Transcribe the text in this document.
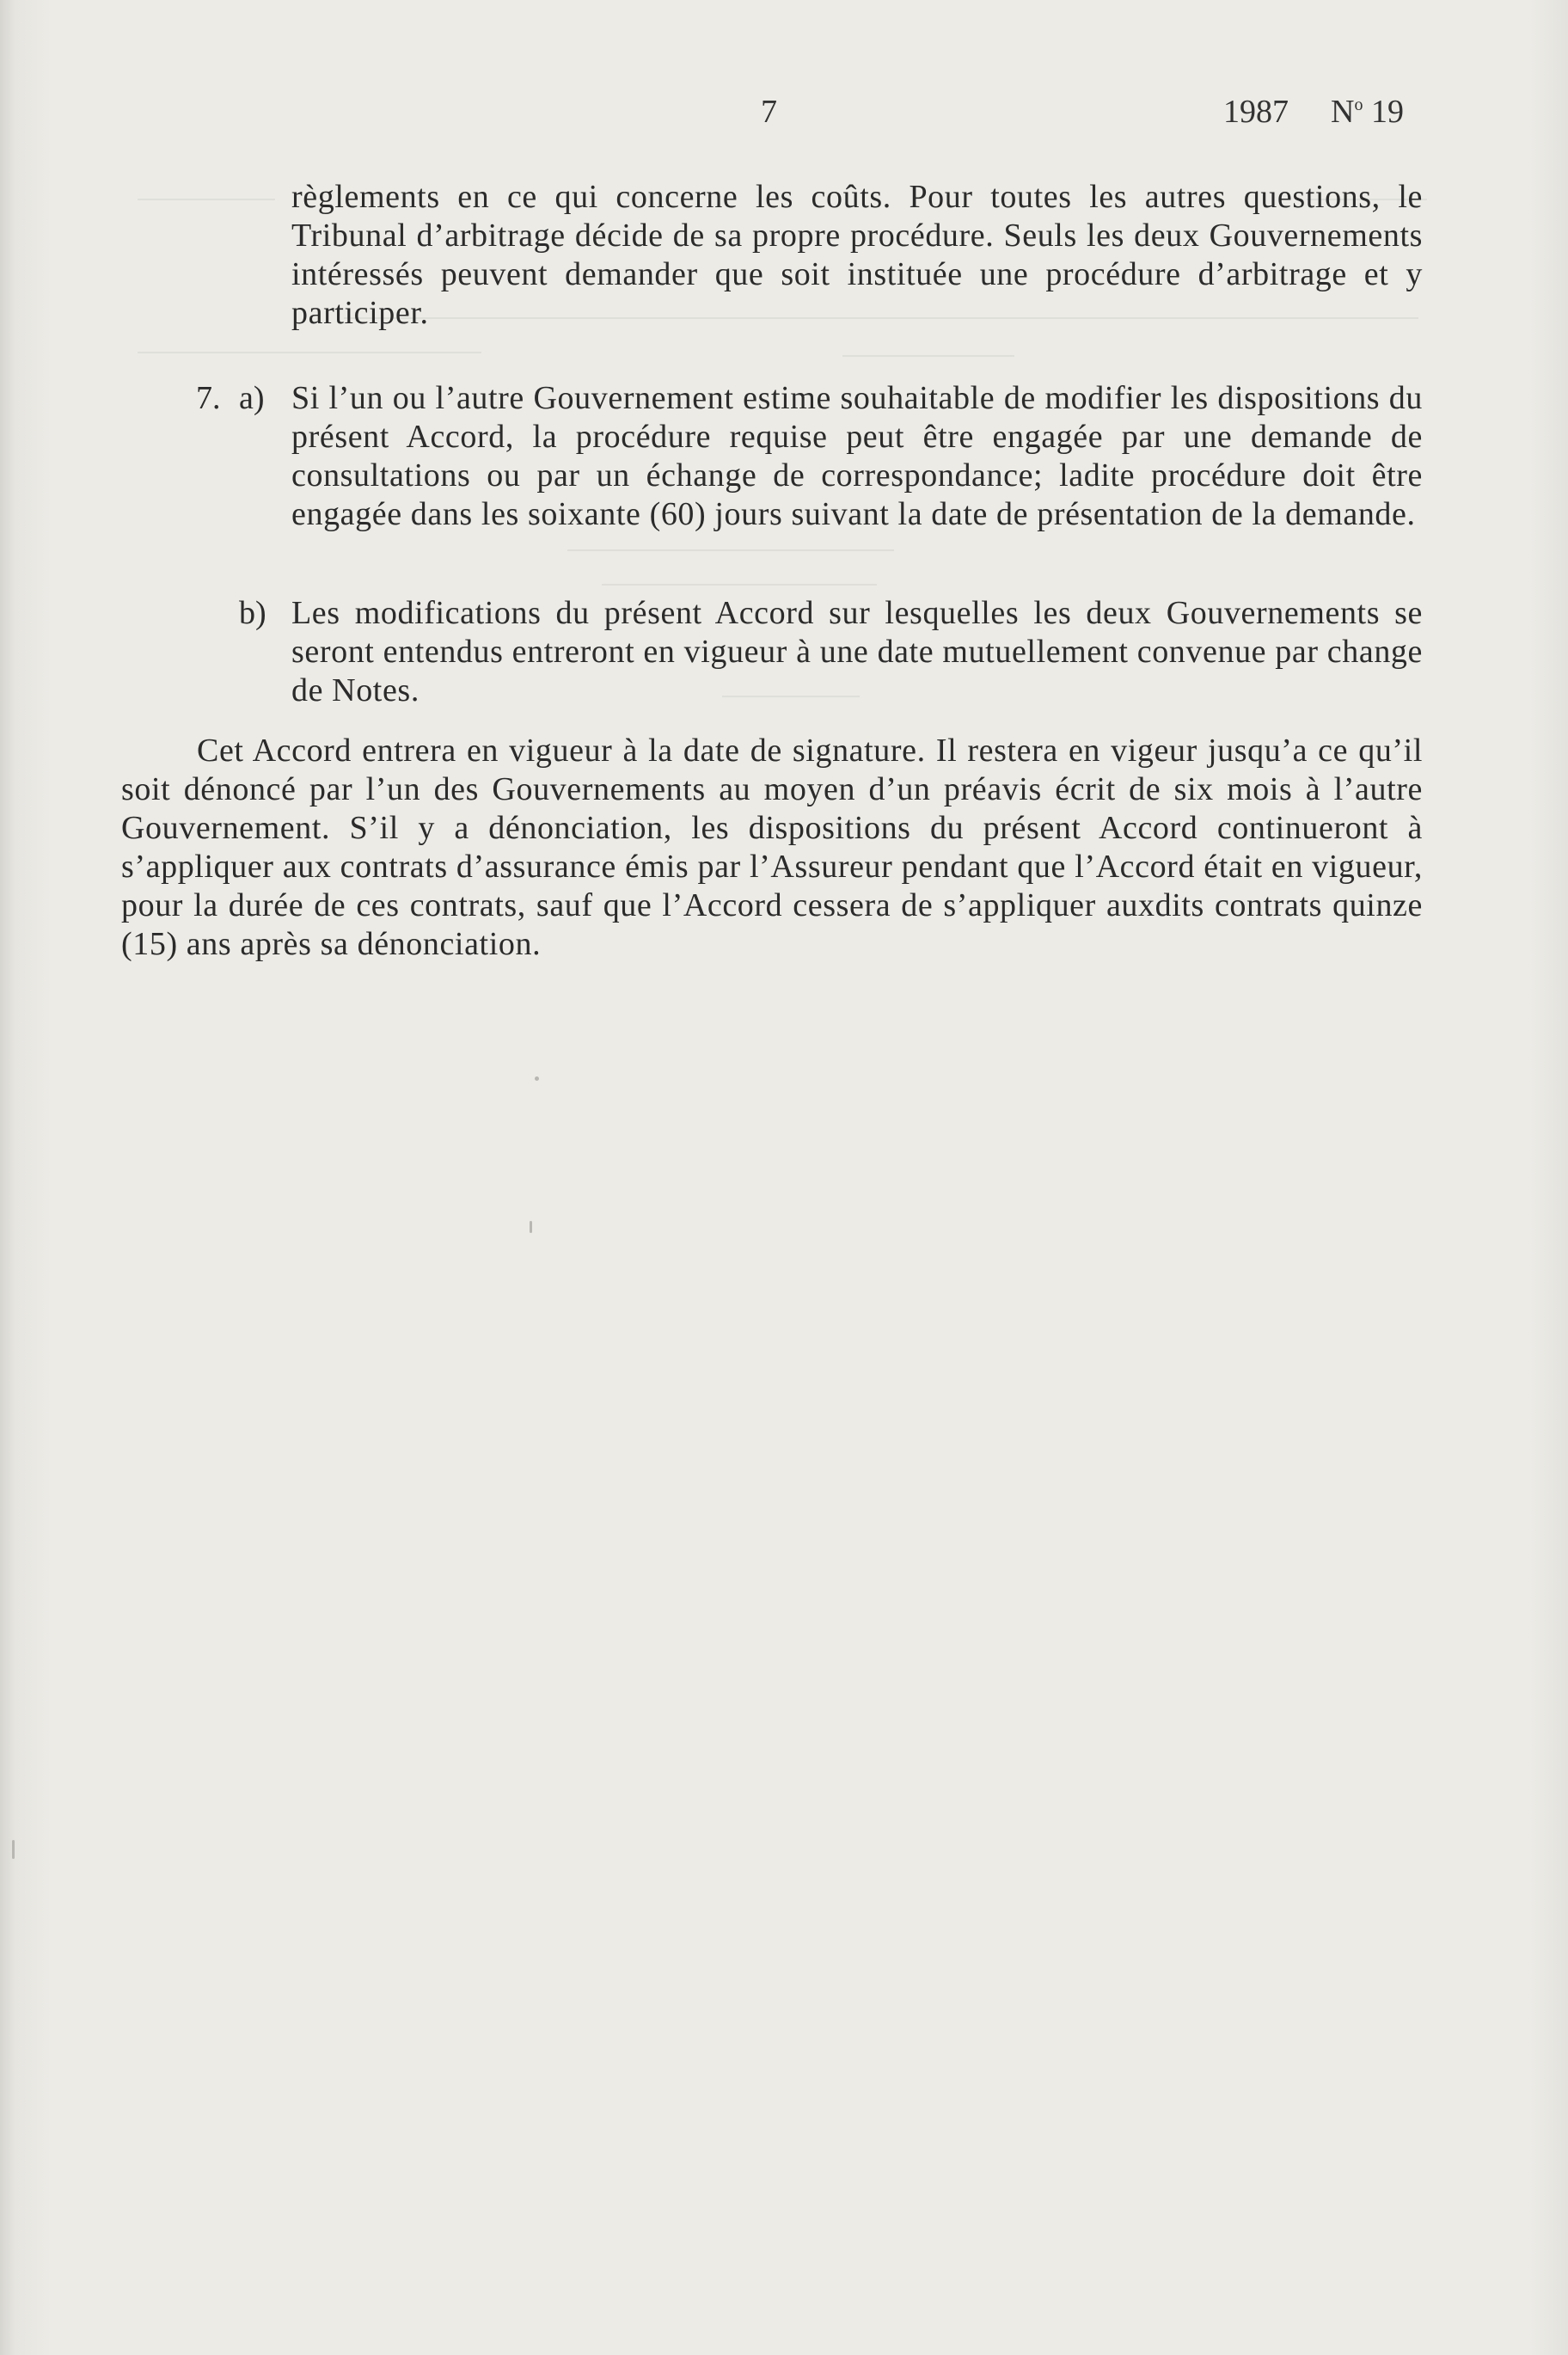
7	1987 $N^o$ 19

règlements en ce qui concerne les coûts. Pour toutes les autres questions, le Tribunal d’arbitrage décide de sa propre procédure. Seuls les deux Gouvernements intéressés peuvent demander que soit instituée une procédure d’arbitrage et y participer.

7. a) Si l’un ou l’autre Gouvernement estime souhaitable de modifier les dispositions du présent Accord, la procédure requise peut être engagée par une demande de consultations ou par un échange de correspondance; ladite procédure doit être engagée dans les soixante (60) jours suivant la date de présentation de la demande.

b) Les modifications du présent Accord sur lesquelles les deux Gouvernements se seront entendus entreront en vigueur à une date mutuellement convenue par change de Notes.

Cet Accord entrera en vigueur à la date de signature. Il restera en vigeur jusqu’a ce qu’il soit dénoncé par l’un des Gouvernements au moyen d’un préavis écrit de six mois à l’autre Gouvernement. S’il y a dénonciation, les dispositions du présent Accord continueront à s’appliquer aux contrats d’assurance émis par l’Assureur pendant que l’Accord était en vigueur, pour la durée de ces contrats, sauf que l’Accord cessera de s’appliquer auxdits contrats quinze (15) ans après sa dénonciation.
